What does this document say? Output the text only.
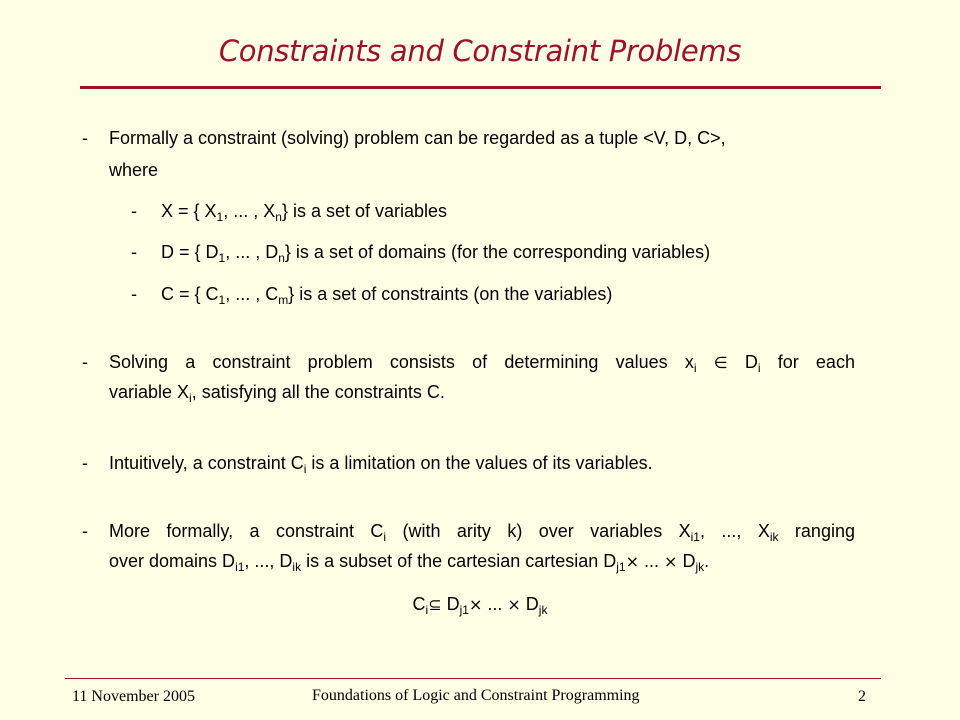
Constraints and Constraint Problems
- Formally a constraint (solving) problem can be regarded as a tuple <V, D, C>,
where
- X = { $X_1$, ... , $X_n$} is a set of variables
- D = { $D_1$, ... , $D_n$} is a set of domains (for the corresponding variables)
- C = { $C_1$, ... , $C_m$} is a set of constraints (on the variables)
- Solving a constraint problem consists of determining values $x_i$ ∈ $D_i$ for each
variable $X_i$, satisfying all the constraints C.
- Intuitively, a constraint $C_i$ is a limitation on the values of its variables.
- More formally, a constraint $C_i$ (with arity k) over variables $X_{i1}$, ..., $X_{ik}$ ranging
over domains $D_{i1}$, ..., $D_{ik}$ is a subset of the cartesian cartesian $D_{j1}\times$ ... × $D_{jk}$.
$C_i⊆$ $D_{j1}\times$ ... × $D_{jk}$
11 November 2005	Foundations of Logic and Constraint Programming	2
